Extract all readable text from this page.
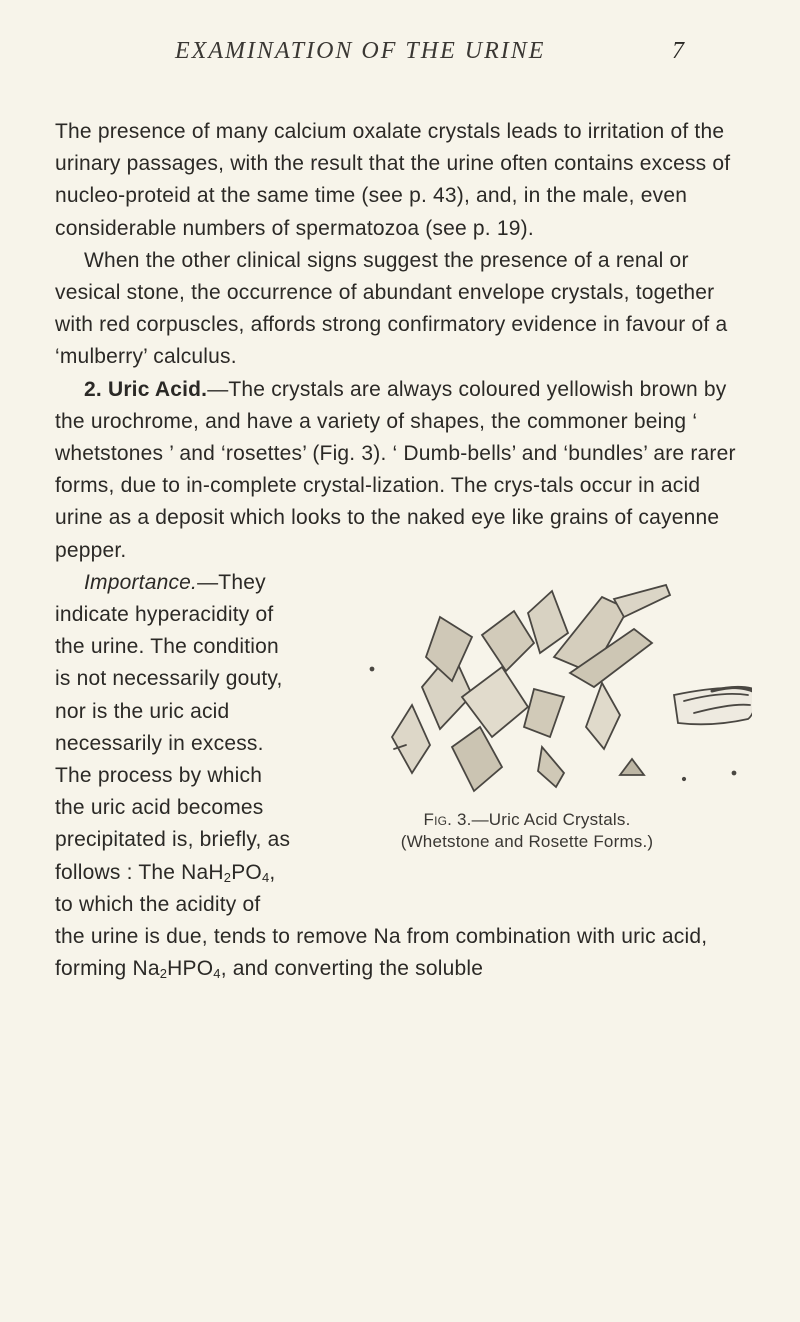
EXAMINATION OF THE URINE	7

The presence of many calcium oxalate crystals leads to irritation of the urinary passages, with the result that the urine often contains excess of nucleo-proteid at the same time (see p. 43), and, in the male, even considerable numbers of spermatozoa (see p. 19).

When the other clinical signs suggest the presence of a renal or vesical stone, the occurrence of abundant envelope crystals, together with red corpuscles, affords strong confirmatory evidence in favour of a ‘mulberry’ calculus.

2. Uric Acid.—The crystals are always coloured yellowish brown by the urochrome, and have a variety of shapes, the commoner being ‘ whetstones ’ and ‘rosettes’ (Fig. 3). ‘ Dumb-bells’ and ‘bundles’ are rarer forms, due to in-complete crystal-lization. The crys-tals occur in acid urine as a deposit which looks to the naked eye like grains of cayenne pepper.

Fig. 3.—Uric Acid Crystals.
(Whetstone and Rosette Forms.)

Importance.—They indicate hyperacidity of the urine. The condition is not necessarily gouty, nor is the uric acid necessarily in excess. The process by which the uric acid becomes precipitated is, briefly, as follows : The $NaH_2PO_4$, to which the acidity of the urine is due, tends to remove Na from combination with uric acid, forming $Na_2HPO_4$, and converting the soluble
